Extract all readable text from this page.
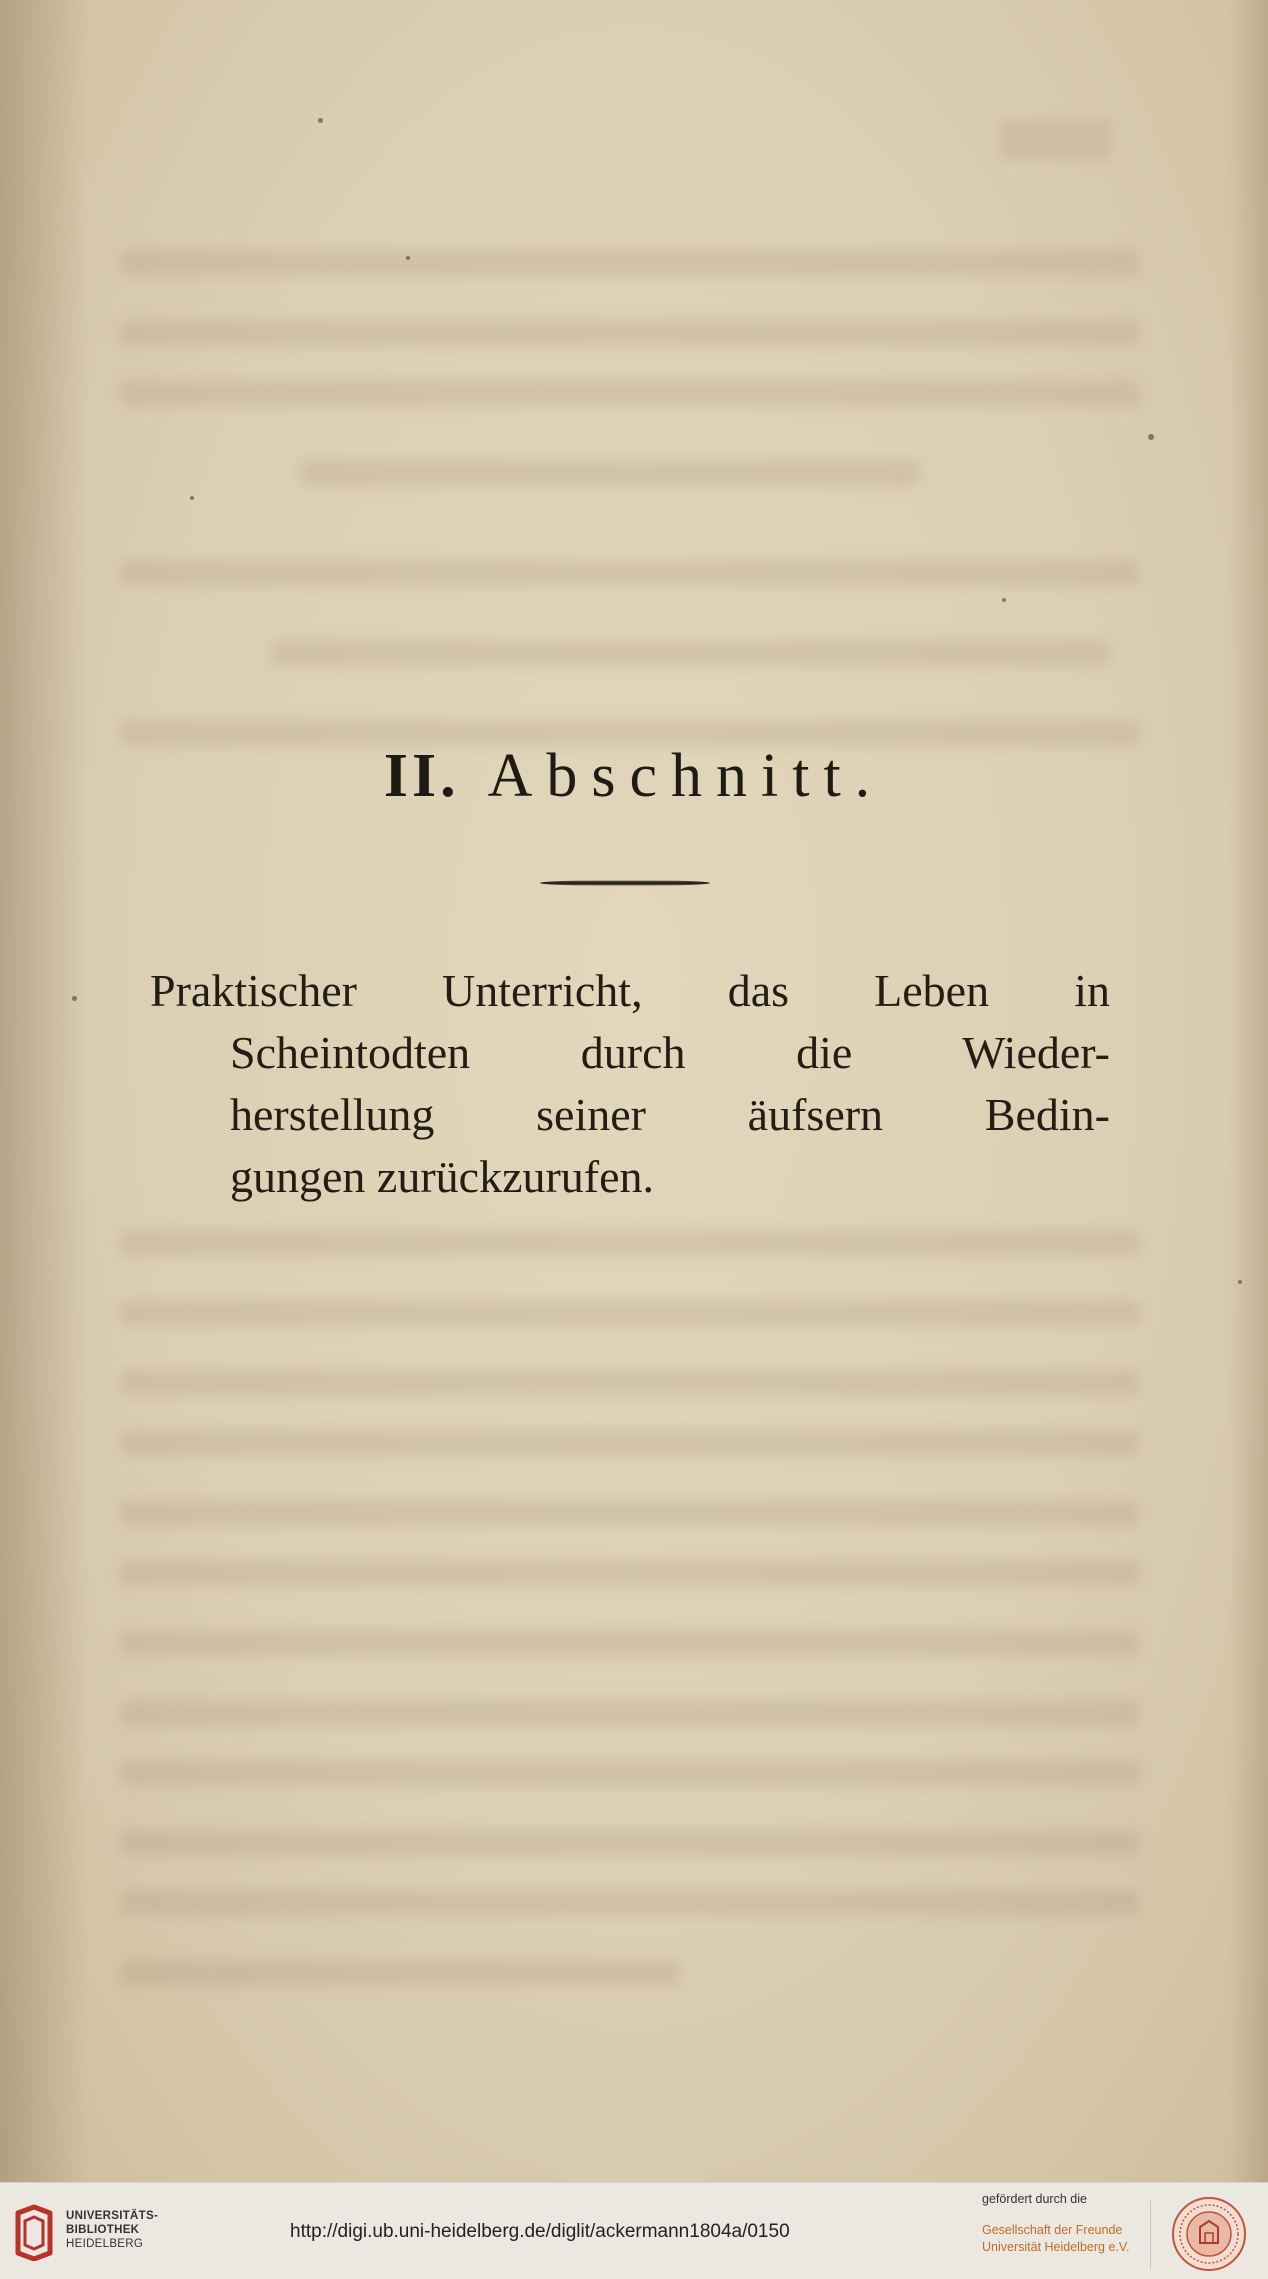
II. Abschnitt.

Praktischer Unterricht, das Leben in
Scheintodten durch die Wieder-
herstellung seiner äufsern Bedin-
gungen zurückzurufen.

UNIVERSITÄTS-
BIBLIOTHEK
HEIDELBERG
http://digi.ub.uni-heidelberg.de/diglit/ackermann1804a/0150
gefördert durch die
Gesellschaft der Freunde
Universität Heidelberg e.V.
